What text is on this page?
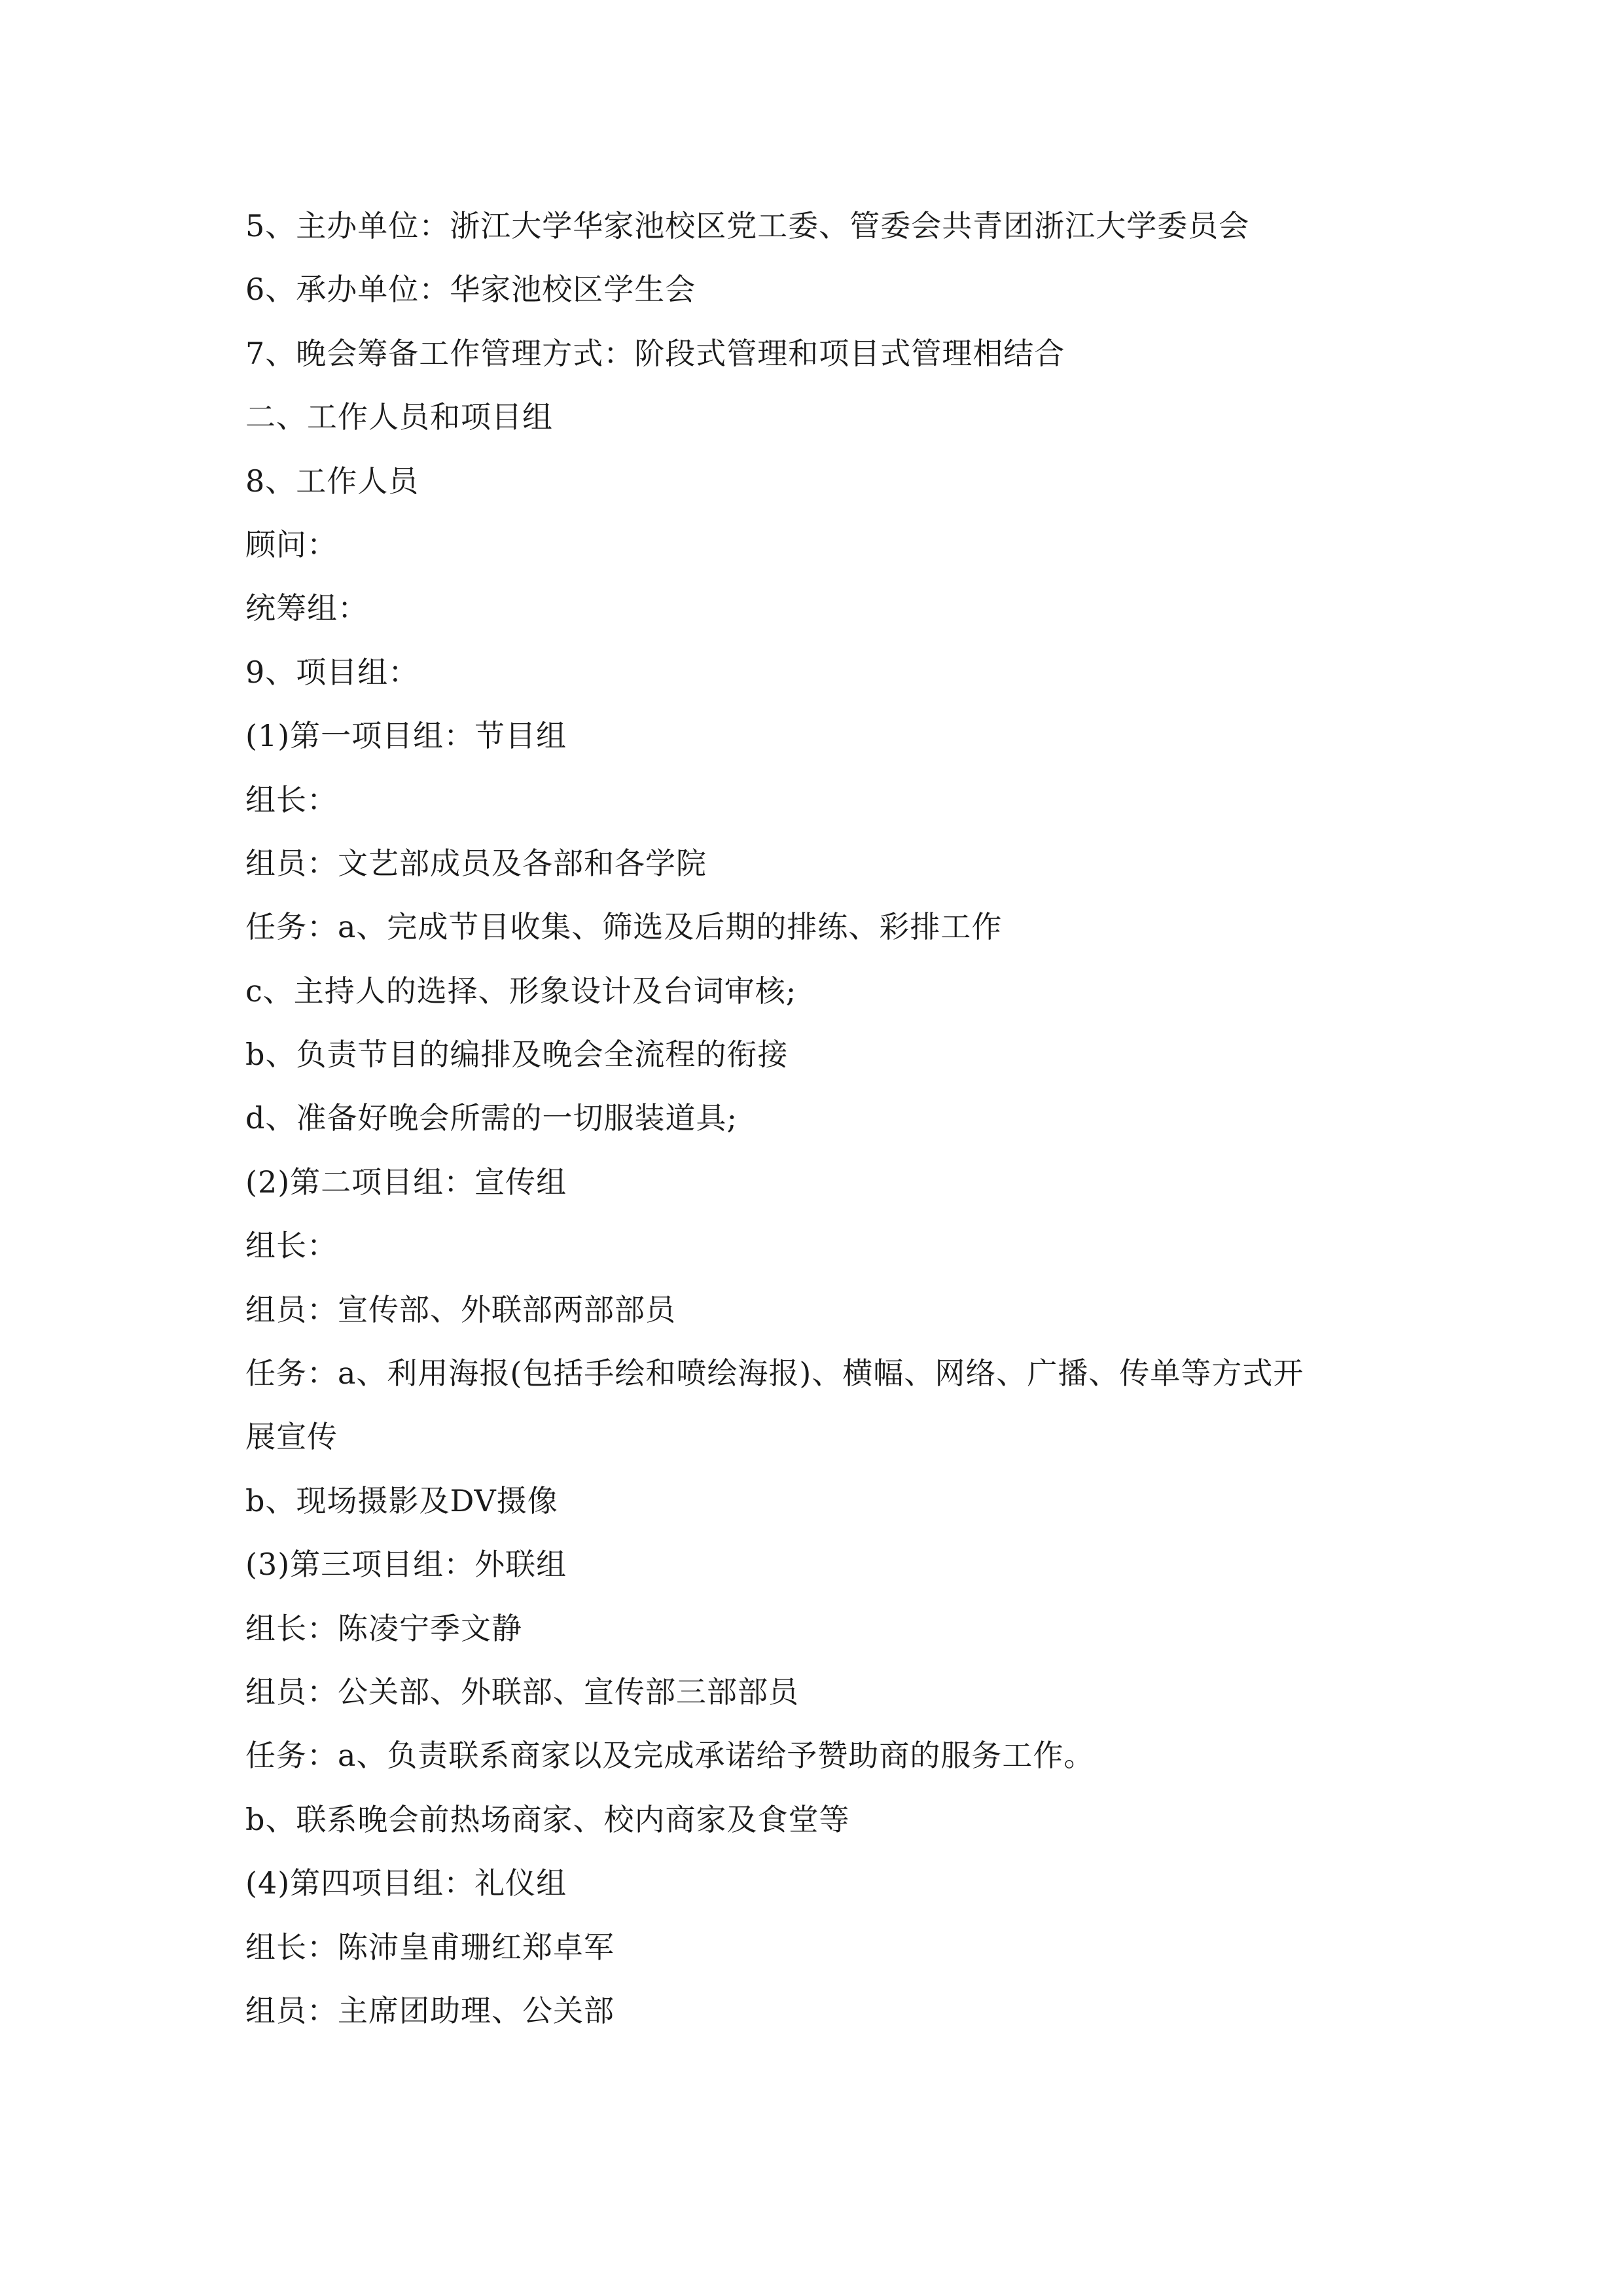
5、主办单位：浙江大学华家池校区党工委、管委会共青团浙江大学委员会
6、承办单位：华家池校区学生会
7、晚会筹备工作管理方式：阶段式管理和项目式管理相结合
二、工作人员和项目组
8、工作人员
顾问：
统筹组：
9、项目组：
(1)第一项目组：节目组
组长：
组员：文艺部成员及各部和各学院
任务：a、完成节目收集、筛选及后期的排练、彩排工作
c、主持人的选择、形象设计及台词审核;
b、负责节目的编排及晚会全流程的衔接
d、准备好晚会所需的一切服装道具;
(2)第二项目组：宣传组
组长：
组员：宣传部、外联部两部部员
任务：a、利用海报(包括手绘和喷绘海报)、横幅、网络、广播、传单等方式开
展宣传
b、现场摄影及DV摄像
(3)第三项目组：外联组
组长：陈凌宁季文静
组员：公关部、外联部、宣传部三部部员
任务：a、负责联系商家以及完成承诺给予赞助商的服务工作。
b、联系晚会前热场商家、校内商家及食堂等
(4)第四项目组：礼仪组
组长：陈沛皇甫珊红郑卓军
组员：主席团助理、公关部
